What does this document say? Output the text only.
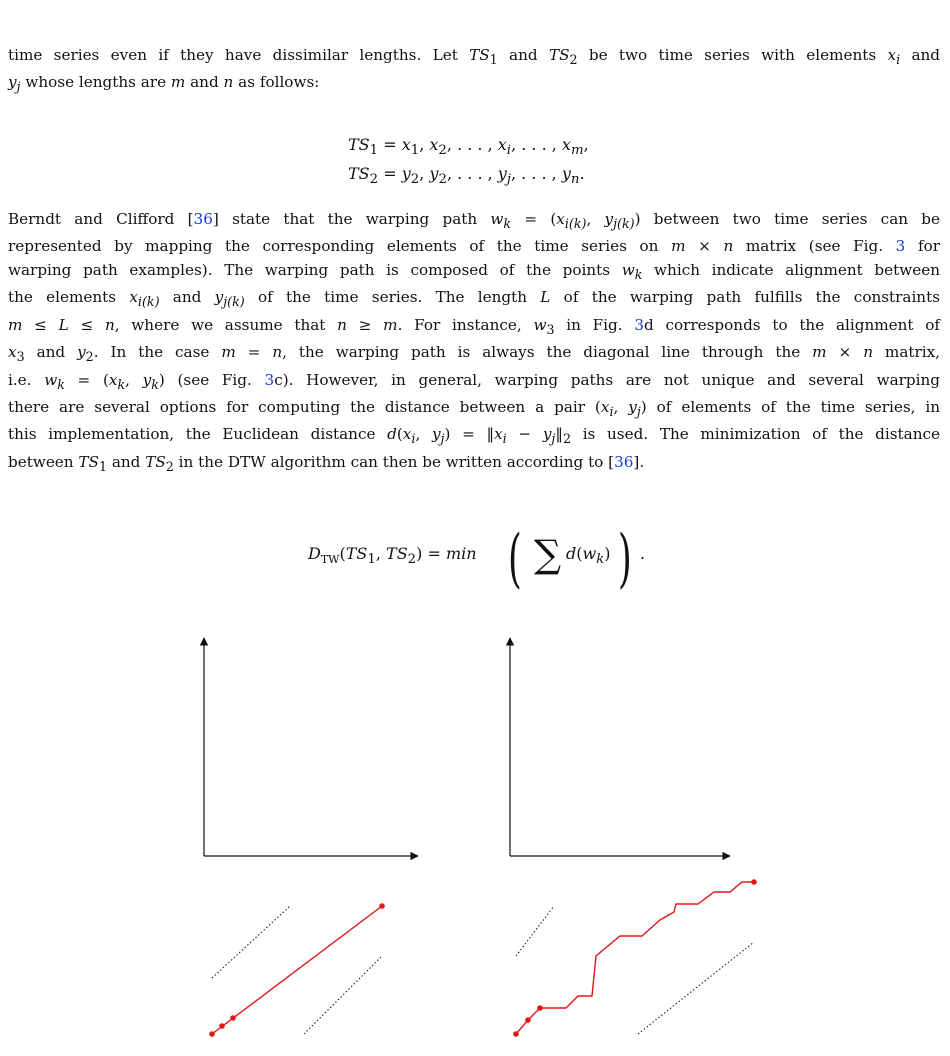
time series even if they have dissimilar lengths. Let $TS_1$ and $TS_2$ be two time series with elements $x_i$ and
$y_j$ whose lengths are m and n as follows:
$TS_1 = x_1$, $x_2$, . . . , $x_i$, . . . , $x_m$,
$TS_2 = y_2$, $y_2$, . . . , $y_j$, . . . , $y_n$.
Berndt and Clifford [36] state that the warping path $w_k = (x_{i(k)}$, $y_{j(k)}$) between two time series can be
represented by mapping the corresponding elements of the time series on m × n matrix (see Fig. 3 for
warping path examples). The warping path is composed of the points $w_k$ which indicate alignment between
the elements $x_{i(k)}$ and $y_{j(k)}$ of the time series. The length L of the warping path fulfills the constraints
m ≤ L ≤ n, where we assume that n ≥ m. For instance, $w_3$ in Fig. 3d corresponds to the alignment of
$x_3$ and $y_2$. In the case m = n, the warping path is always the diagonal line through the m × n matrix,
i.e. $w_k = (x_k$, $y_k$) (see Fig. 3c). However, in general, warping paths are not unique and several warping
there are several options for computing the distance between a pair ($x_i$, $y_j$) of elements of the time series, in
this implementation, the Euclidean distance $d(x_i$, $y_j$) = $‖x_i$ − $y_j‖_2$ is used. The minimization of the distance
between $TS_1$ and $TS_2$ in the DTW algorithm can then be written according to [36].
$D_{TW}(TS_1$, $TS_2) = \min$ ( ∑ $d(w_k)$ ) .
